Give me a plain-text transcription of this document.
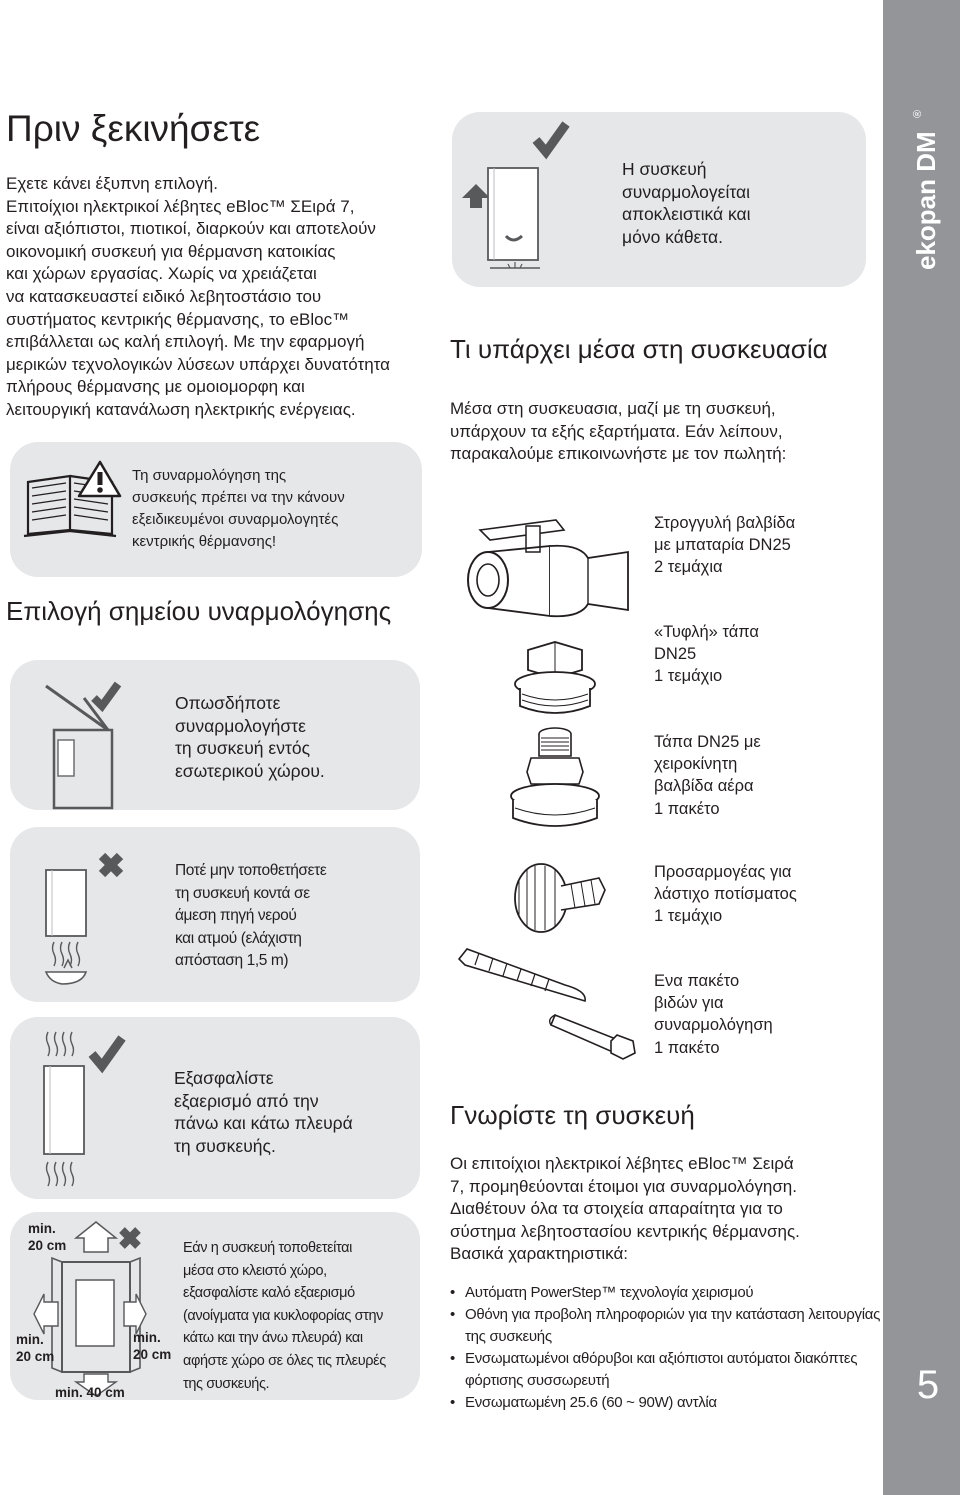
Πριν ξεκινήσετε
Εχετε κάνει έξυπνη επιλογή.
Επιτοίχιοι ηλεκτρικοί λέβητες eBloc™ ΣΕιρά 7,
είναι αξιόπιστοι, πιοτικοί, διαρκούν και αποτελούν
οικονομική συσκευή για θέρμανση κατοικίας
και χώρων εργασίας. Χωρίς να χρειάζεται
να κατασκευαστεί ειδικό λεβητοστάσιο του
συστήματος κεντρικής θέρμανσης, το eBloc™
επιβάλλεται ως καλή επιλογή. Με την εφαρμογή
μερικών τεχνολογικών λύσεων υπάρχει δυνατότητα
πλήρους θέρμανσης με ομοιομορφη και
λειτουργική κατανάλωση ηλεκτρικής ενέργειας.
Τη συναρμολόγηση της
συσκευής πρέπει να την κάνουν
εξειδικευμένοι συναρμολογητές
κεντρικής θέρμανσης!
Επιλογή σημείου υναρμολόγησης
Οπωσδήποτε
συναρμολογήστε
τη συσκευή εντός
εσωτερικού χώρου.
Ποτέ μην τοποθετήσετε
τη συσκευή κοντά σε
άμεση πηγή νερού
και ατμού (ελάχιστη
απόσταση 1,5 m)
Εξασφαλίστε
εξαερισμό από την
πάνω και κάτω πλευρά
τη συσκευής.
min.
20 cm
min.
20 cm
min.
20 cm
min. 40 cm
Εάν η συσκευή τοποθετείται
μέσα στο κλειστό χώρο,
εξασφαλίστε καλό εξαερισμό
(ανοίγματα για κυκλοφορίας στην
κάτω και την άνω πλευρά) και
αφήστε χώρο σε όλες τις πλευρές
της συσκευής.
Η συσκευή
συναρμολογείται
αποκλειστικά και
μόνο κάθετα.
Τι υπάρχει μέσα στη συσκευασία
Μέσα στη συσκευασια, μαζί με τη συσκευή,
υπάρχουν τα εξής εξαρτήματα. Εάν λείπουν,
παρακαλούμε επικοινωνήστε με τον πωλητή:
Στρογγυλή βαλβίδα
με μπαταρία DN25
2 τεμάχια
«Τυφλή» τάπα
DN25
1 τεμάχιο
Τάπα DN25 με
χειροκίνητη
βαλβίδα αέρα
1 πακέτο
Προσαρμογέας για
λάστιχο ποτίσματος
1 τεμάχιο
Ενα πακέτο
βιδών για
συναρμολόγηση
1 πακέτο
Γνωρίστε τη συσκευή
Οι επιτοίχιοι ηλεκτρικοί λέβητες eBloc™ Σειρά
7, προμηθεύονται έτοιμοι για συναρμολόγηση.
Διαθέτουν όλα τα στοιχεία απαραίτητα για το
σύστημα λεβητοστασίου κεντρικής θέρμανσης.
Βασικά χαρακτηριστικά:
• Αυτόματη PowerStep™ τεχνολογία χειρισμού
• Οθόνη για προβολη πληροφοριών για την κατάσταση λειτουργίας
της συσκευής
• Ενσωματωμένοι αθόρυβοι και αξιόπιστοι αυτόματοι διακόπτες
φόρτισης συσσωρευτή
• Ενσωματωμένη 25.6 (60 ~ 90W) αντλία
ekopan DM
®
5
